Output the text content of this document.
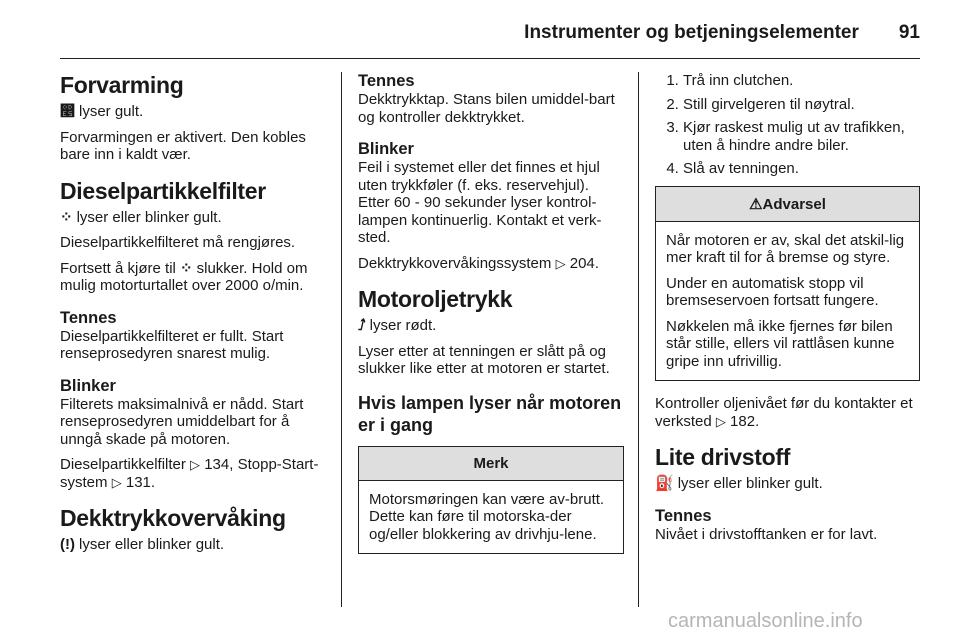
Instrumenter og betjeningselementer 91
Forvarming

෥ lyser gult.

Forvarmingen er aktivert. Den kobles bare inn i kaldt vær.

Dieselpartikkelfilter

⁘ lyser eller blinker gult.

Dieselpartikkelfilteret må rengjøres.

Fortsett å kjøre til ⁘ slukker. Hold om mulig motorturtallet over 2000 o/min.

Tennes

Dieselpartikkelfilteret er fullt. Start renseprosedyren snarest mulig.

Blinker

Filterets maksimalnivå er nådd. Start renseprosedyren umiddelbart for å unngå skade på motoren.

Dieselpartikkelfilter ▷ 134, Stopp-Start-system ▷ 131.

Dekktrykkovervåking

(!) lyser eller blinker gult.

Tennes

Dekktrykktap. Stans bilen umiddel-bart og kontroller dekktrykket.

Blinker

Feil i systemet eller det finnes et hjul uten trykkføler (f. eks. reservehjul). Etter 60 - 90 sekunder lyser kontrol-lampen kontinuerlig. Kontakt et verk-sted.

Dekktrykkovervåkingssystem ▷ 204.

Motoroljetrykk

⭜ lyser rødt.

Lyser etter at tenningen er slått på og slukker like etter at motoren er startet.

Hvis lampen lyser når motoren er i gang
Merk

Motorsmøringen kan være av-brutt. Dette kan føre til motorska-der og/eller blokkering av drivhju-lene.

1. Trå inn clutchen.
2. Still girvelgeren til nøytral.
3. Kjør raskest mulig ut av trafikken, uten å hindre andre biler.
4. Slå av tenningen.
⚠Advarsel

Når motoren er av, skal det atskil-lig mer kraft til for å bremse og styre.

Under en automatisk stopp vil bremseservoen fortsatt fungere.

Nøkkelen må ikke fjernes før bilen står stille, ellers vil rattlåsen kunne gripe inn ufrivillig.

Kontroller oljenivået før du kontakter et verksted ▷ 182.

Lite drivstoff

⛽ lyser eller blinker gult.

Tennes

Nivået i drivstofftanken er for lavt.

carmanualsonline.info
